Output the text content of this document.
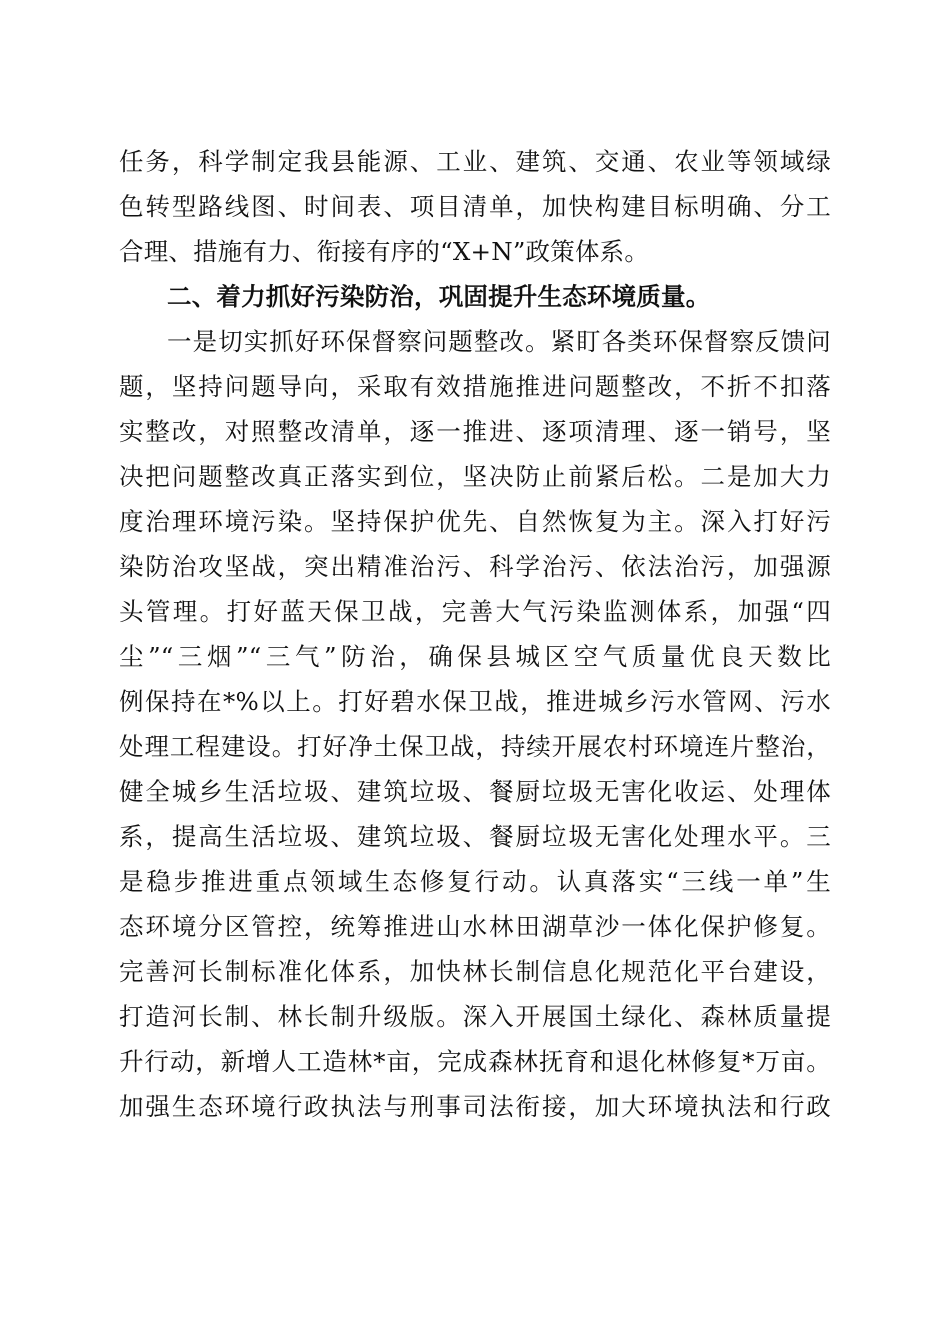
任务，科学制定我县能源、工业、建筑、交通、农业等领域绿
色转型路线图、时间表、项目清单，加快构建目标明确、分工
合理、措施有力、衔接有序的“X+N”政策体系。
二、着力抓好污染防治，巩固提升生态环境质量。
一是切实抓好环保督察问题整改。紧盯各类环保督察反馈问
题，坚持问题导向，采取有效措施推进问题整改，不折不扣落
实整改，对照整改清单，逐一推进、逐项清理、逐一销号，坚
决把问题整改真正落实到位，坚决防止前紧后松。二是加大力
度治理环境污染。坚持保护优先、自然恢复为主。深入打好污
染防治攻坚战，突出精准治污、科学治污、依法治污，加强源
头管理。打好蓝天保卫战，完善大气污染监测体系，加强“四
尘”“三烟”“三气”防治，确保县城区空气质量优良天数比
例保持在*%以上。打好碧水保卫战，推进城乡污水管网、污水
处理工程建设。打好净土保卫战，持续开展农村环境连片整治，
健全城乡生活垃圾、建筑垃圾、餐厨垃圾无害化收运、处理体
系，提高生活垃圾、建筑垃圾、餐厨垃圾无害化处理水平。三
是稳步推进重点领域生态修复行动。认真落实“三线一单”生
态环境分区管控，统筹推进山水林田湖草沙一体化保护修复。
完善河长制标准化体系，加快林长制信息化规范化平台建设，
打造河长制、林长制升级版。深入开展国土绿化、森林质量提
升行动，新增人工造林*亩，完成森林抚育和退化林修复*万亩。
加强生态环境行政执法与刑事司法衔接，加大环境执法和行政
